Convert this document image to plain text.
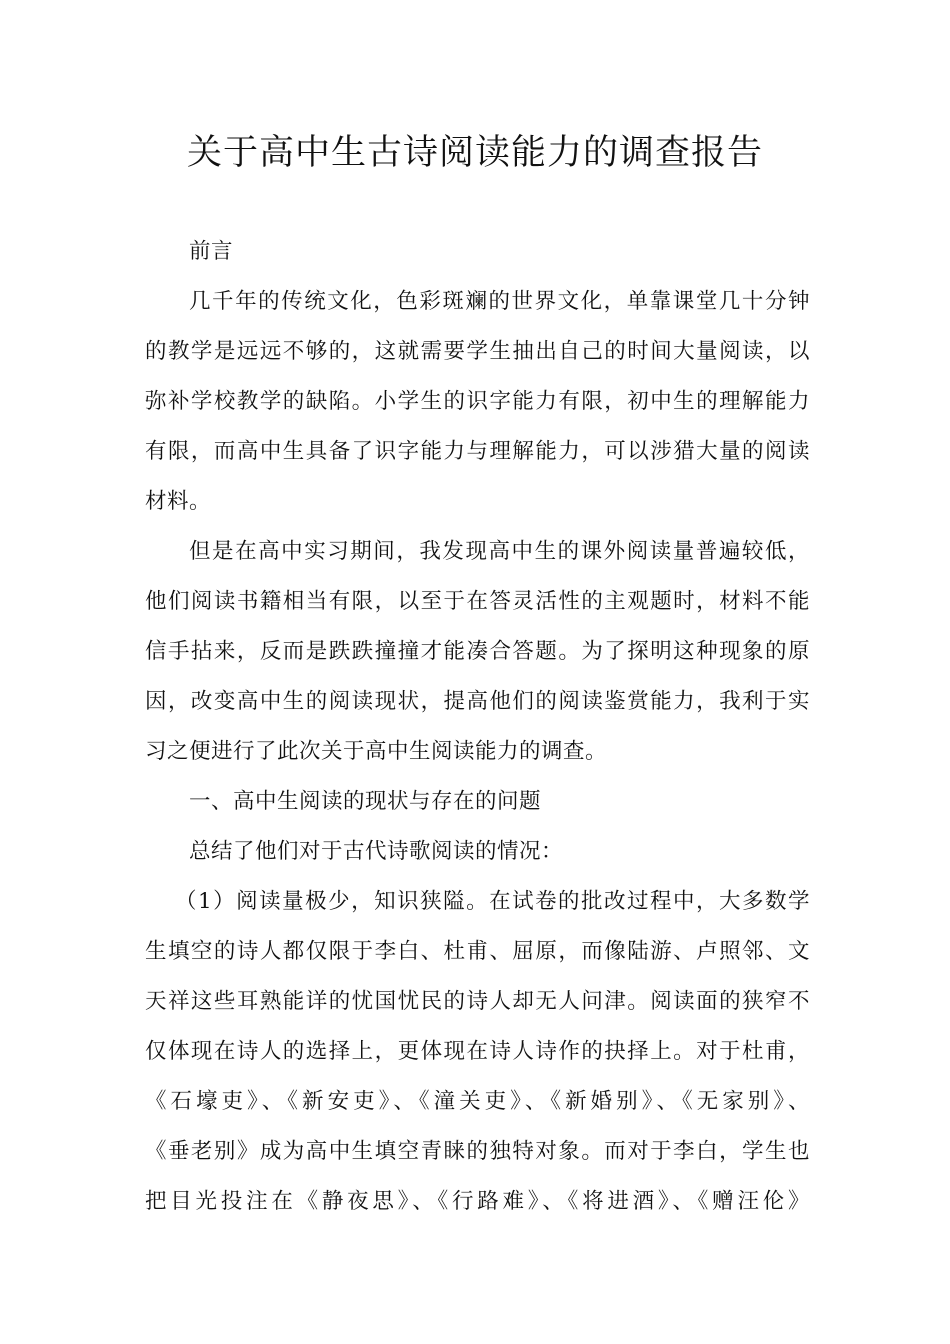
关于高中生古诗阅读能力的调查报告
前言
几千年的传统文化，色彩斑斓的世界文化，单靠课堂几十分钟
的教学是远远不够的，这就需要学生抽出自己的时间大量阅读，以
弥补学校教学的缺陷。小学生的识字能力有限，初中生的理解能力
有限，而高中生具备了识字能力与理解能力，可以涉猎大量的阅读
材料。
但是在高中实习期间，我发现高中生的课外阅读量普遍较低，
他们阅读书籍相当有限，以至于在答灵活性的主观题时，材料不能
信手拈来，反而是跌跌撞撞才能凑合答题。为了探明这种现象的原
因，改变高中生的阅读现状，提高他们的阅读鉴赏能力，我利于实
习之便进行了此次关于高中生阅读能力的调查。
一、高中生阅读的现状与存在的问题
总结了他们对于古代诗歌阅读的情况：
（1）阅读量极少，知识狭隘。在试卷的批改过程中，大多数学
生填空的诗人都仅限于李白、杜甫、屈原，而像陆游、卢照邻、文
天祥这些耳熟能详的忧国忧民的诗人却无人问津。阅读面的狭窄不
仅体现在诗人的选择上，更体现在诗人诗作的抉择上。对于杜甫，
《石壕吏》、《新安吏》、《潼关吏》、《新婚别》、《无家别》、
《垂老别》成为高中生填空青睐的独特对象。而对于李白，学生也
把目光投注在《静夜思》、《行路难》、《将进酒》、《赠汪伦》
